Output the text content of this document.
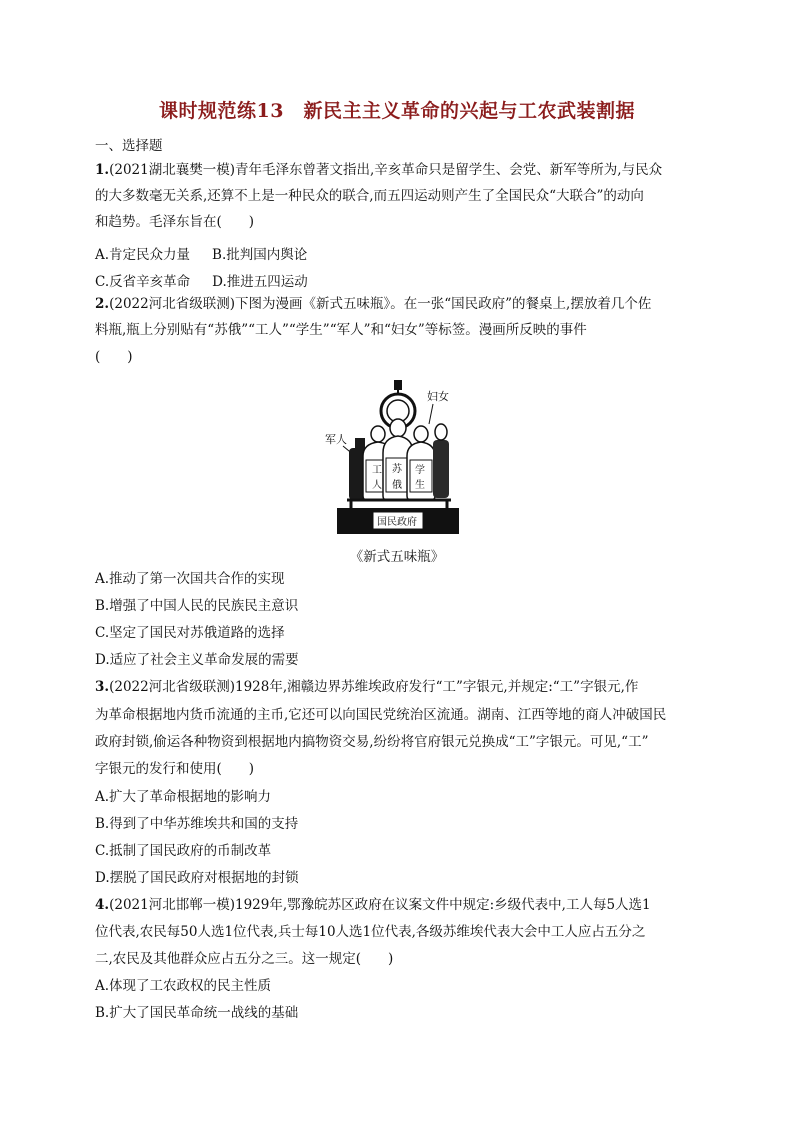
课时规范练13　新民主主义革命的兴起与工农武装割据
一、选择题
1.(2021湖北襄樊一模)青年毛泽东曾著文指出,辛亥革命只是留学生、会党、新军等所为,与民众
的大多数毫无关系,还算不上是一种民众的联合,而五四运动则产生了全国民众“大联合”的动向
和趋势。毛泽东旨在(　　)
A.肯定民众力量 B.批判国内舆论
C.反省辛亥革命 D.推进五四运动
2.(2022河北省级联测)下图为漫画《新式五味瓶》。在一张“国民政府”的餐桌上,摆放着几个佐
料瓶,瓶上分别贴有“苏俄”“工人”“学生”“军人”和“妇女”等标签。漫画所反映的事件
(　　)
妇女
军人
工
人
苏
俄
学
生
国民政府
《新式五味瓶》
A.推动了第一次国共合作的实现
B.增强了中国人民的民族民主意识
C.坚定了国民对苏俄道路的选择
D.适应了社会主义革命发展的需要
3.(2022河北省级联测)1928年,湘赣边界苏维埃政府发行“工”字银元,并规定:“工”字银元,作
为革命根据地内货币流通的主币,它还可以向国民党统治区流通。湖南、江西等地的商人冲破国民
政府封锁,偷运各种物资到根据地内搞物资交易,纷纷将官府银元兑换成“工”字银元。可见,“工”
字银元的发行和使用(　　)
A.扩大了革命根据地的影响力
B.得到了中华苏维埃共和国的支持
C.抵制了国民政府的币制改革
D.摆脱了国民政府对根据地的封锁
4.(2021河北邯郸一模)1929年,鄂豫皖苏区政府在议案文件中规定:乡级代表中,工人每5人选1
位代表,农民每50人选1位代表,兵士每10人选1位代表,各级苏维埃代表大会中工人应占五分之
二,农民及其他群众应占五分之三。这一规定(　　)
A.体现了工农政权的民主性质
B.扩大了国民革命统一战线的基础
